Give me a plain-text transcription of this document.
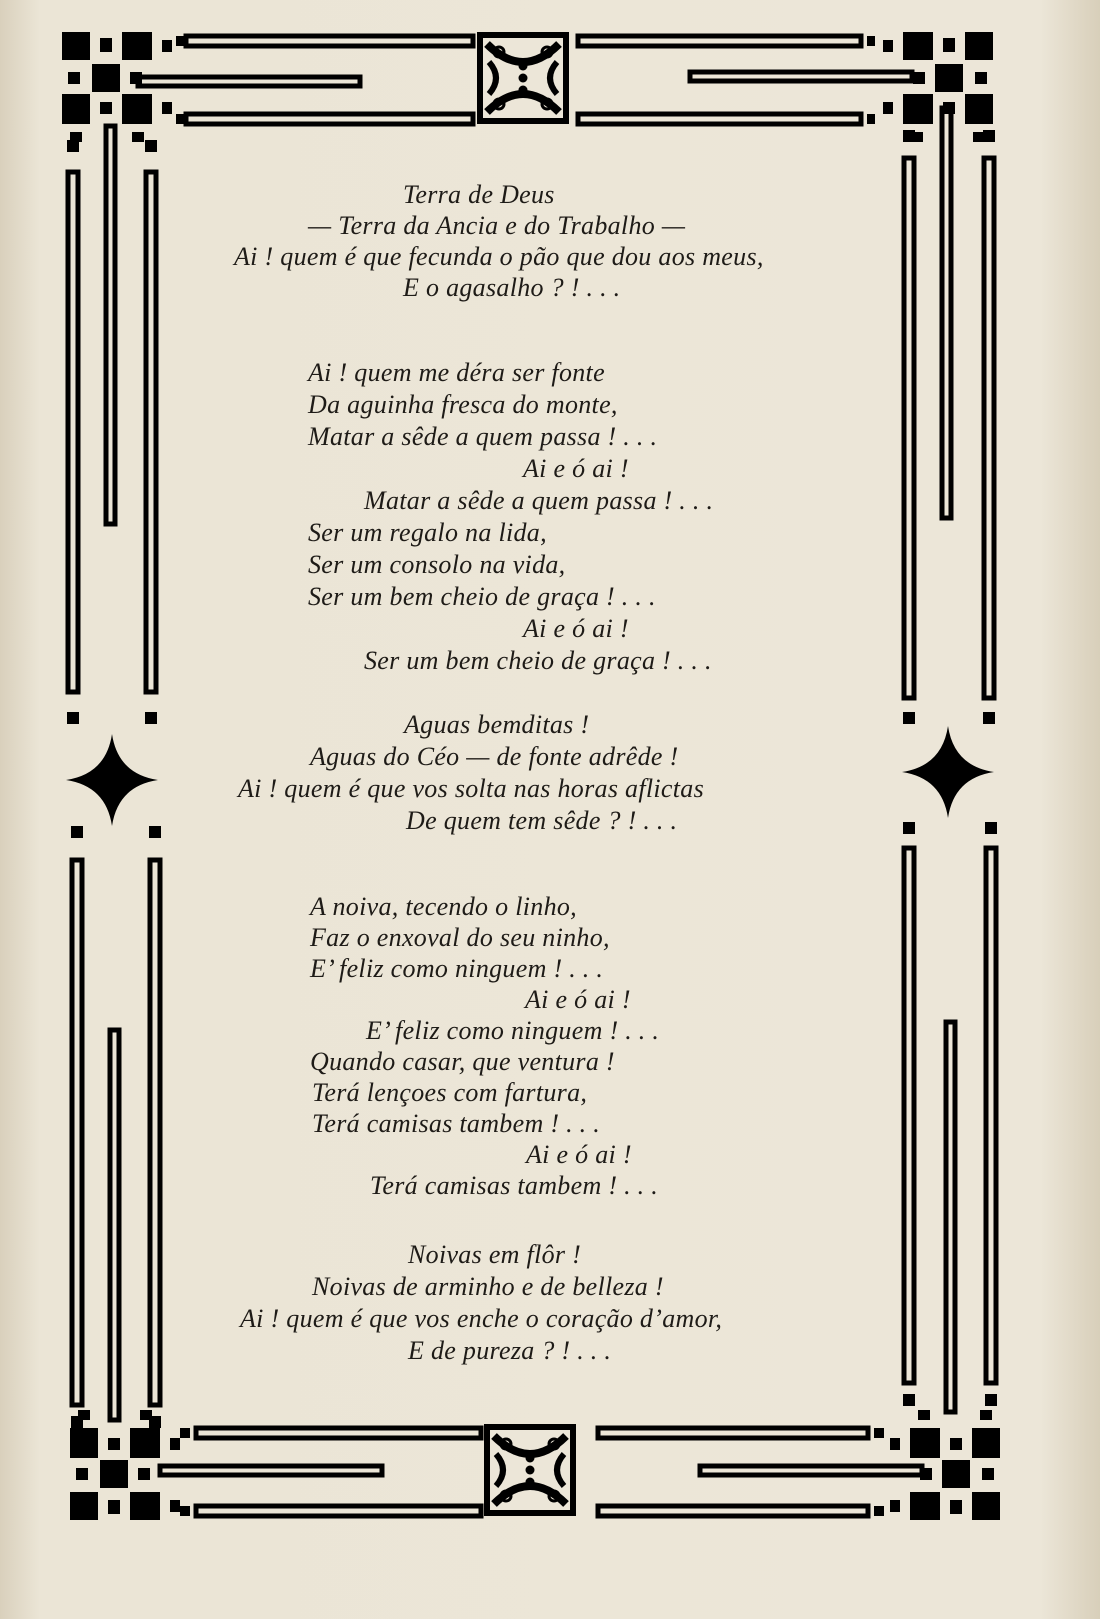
Terra de Deus
— Terra da Ancia e do Trabalho —
Ai ! quem é que fecunda o pão que dou aos meus,
E o agasalho ? ! . . .
Ai ! quem me déra ser fonte
Da aguinha fresca do monte,
Matar a sêde a quem passa ! . . .
Ai e ó ai !
Matar a sêde a quem passa ! . . .
Ser um regalo na lida,
Ser um consolo na vida,
Ser um bem cheio de graça ! . . .
Ai e ó ai !
Ser um bem cheio de graça ! . . .
Aguas bemditas !
Aguas do Céo — de fonte adrêde !
Ai ! quem é que vos solta nas horas aflictas
De quem tem sêde ? ! . . .
A noiva, tecendo o linho,
Faz o enxoval do seu ninho,
E’ feliz como ninguem ! . . .
Ai e ó ai !
E’ feliz como ninguem ! . . .
Quando casar, que ventura !
Terá lençoes com fartura,
Terá camisas tambem ! . . .
Ai e ó ai !
Terá camisas tambem ! . . .
Noivas em flôr !
Noivas de arminho e de belleza !
Ai ! quem é que vos enche o coração d’amor,
E de pureza ? ! . . .
